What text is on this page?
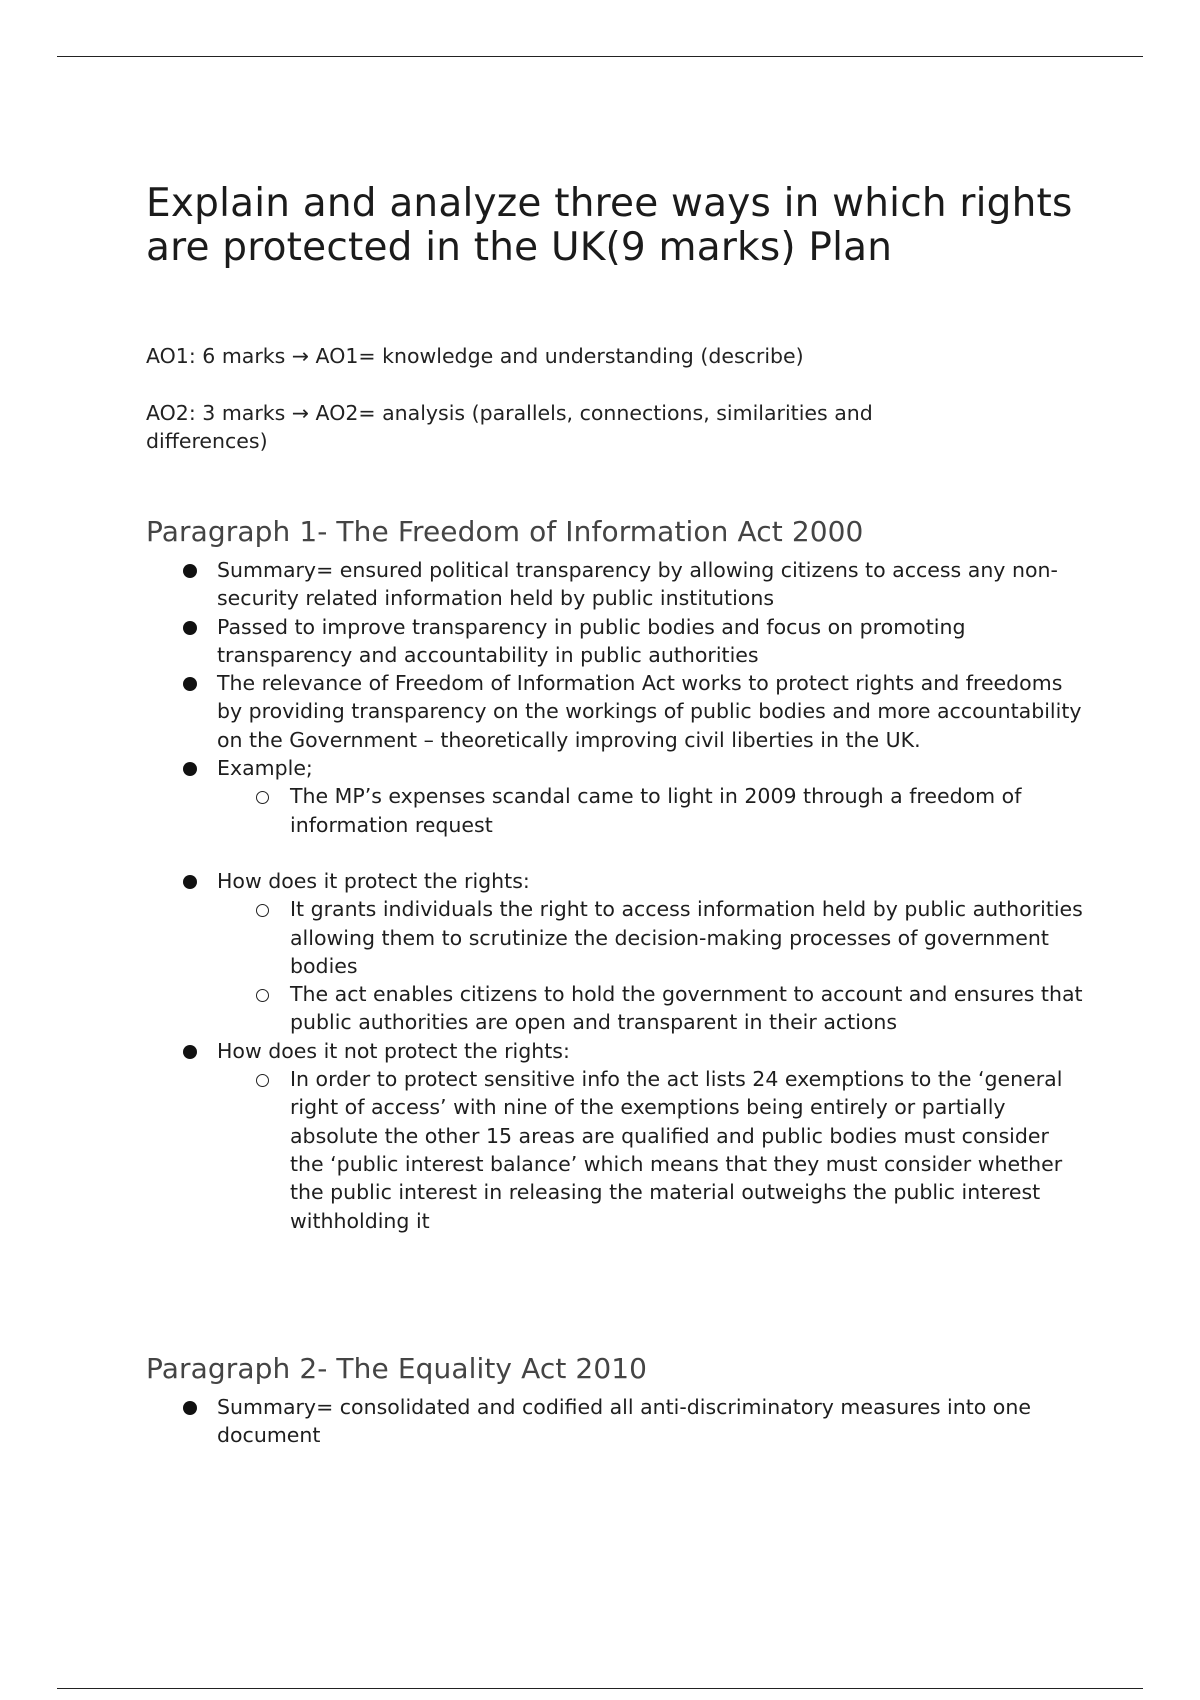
Explain and analyze three ways in which rights are protected in the UK(9 marks) Plan
AO1: 6 marks → AO1= knowledge and understanding (describe)
AO2: 3 marks → AO2= analysis (parallels, connections, similarities and differences)
Paragraph 1- The Freedom of Information Act 2000
Summary= ensured political transparency by allowing citizens to access any non-security related information held by public institutions
Passed to improve transparency in public bodies and focus on promoting transparency and accountability in public authorities
The relevance of Freedom of Information Act works to protect rights and freedoms by providing transparency on the workings of public bodies and more accountability on the Government – theoretically improving civil liberties in the UK.
Example;
The MP’s expenses scandal came to light in 2009 through a freedom of information request
How does it protect the rights:
It grants individuals the right to access information held by public authorities allowing them to scrutinize the decision-making processes of government bodies
The act enables citizens to hold the government to account and ensures that public authorities are open and transparent in their actions
How does it not protect the rights:
In order to protect sensitive info the act lists 24 exemptions to the ‘general right of access’ with nine of the exemptions being entirely or partially absolute the other 15 areas are qualified and public bodies must consider the ‘public interest balance’ which means that they must consider whether the public interest in releasing the material outweighs the public interest withholding it
Paragraph 2- The Equality Act 2010
Summary= consolidated and codified all anti-discriminatory measures into one document
